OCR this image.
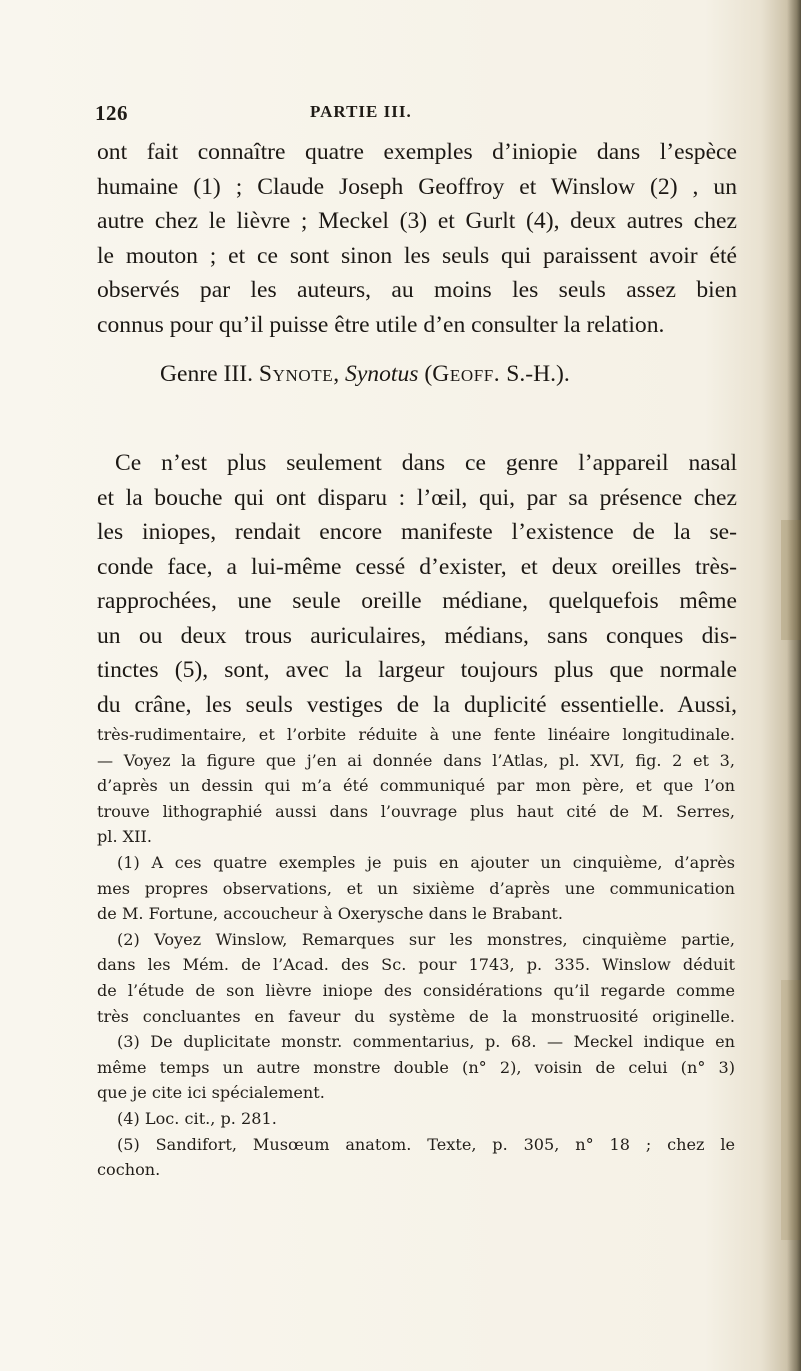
126	PARTIE III.
ont fait connaître quatre exemples d’iniopie dans l’espèce
humaine (1) ; Claude Joseph Geoffroy et Winslow (2) , un
autre chez le lièvre ; Meckel (3) et Gurlt (4), deux autres chez
le mouton ; et ce sont sinon les seuls qui paraissent avoir été
observés par les auteurs, au moins les seuls assez bien
connus pour qu’il puisse être utile d’en consulter la relation.
Genre III. Synote, Synotus (Geoff. S.-H.).
Ce n’est plus seulement dans ce genre l’appareil nasal
et la bouche qui ont disparu : l’œil, qui, par sa présence chez
les iniopes, rendait encore manifeste l’existence de la se-
conde face, a lui-même cessé d’exister, et deux oreilles très-
rapprochées, une seule oreille médiane, quelquefois même
un ou deux trous auriculaires, médians, sans conques dis-
tinctes (5), sont, avec la largeur toujours plus que normale
du crâne, les seuls vestiges de la duplicité essentielle. Aussi,
très-rudimentaire, et l’orbite réduite à une fente linéaire longitudinale.
— Voyez la figure que j’en ai donnée dans l’Atlas, pl. XVI, fig. 2 et 3,
d’après un dessin qui m’a été communiqué par mon père, et que l’on
trouve lithographié aussi dans l’ouvrage plus haut cité de M. Serres,
pl. XII.
(1) A ces quatre exemples je puis en ajouter un cinquième, d’après
mes propres observations, et un sixième d’après une communication
de M. Fortune, accoucheur à Oxerysche dans le Brabant.
(2) Voyez Winslow, Remarques sur les monstres, cinquième partie,
dans les Mém. de l’Acad. des Sc. pour 1743, p. 335. Winslow déduit
de l’étude de son lièvre iniope des considérations qu’il regarde comme
très concluantes en faveur du système de la monstruosité originelle.
(3) De duplicitate monstr. commentarius, p. 68. — Meckel indique en
même temps un autre monstre double (n° 2), voisin de celui (n° 3)
que je cite ici spécialement.
(4) Loc. cit., p. 281.
(5) Sandifort, Musœum anatom. Texte, p. 305, n° 18 ; chez le
cochon.
